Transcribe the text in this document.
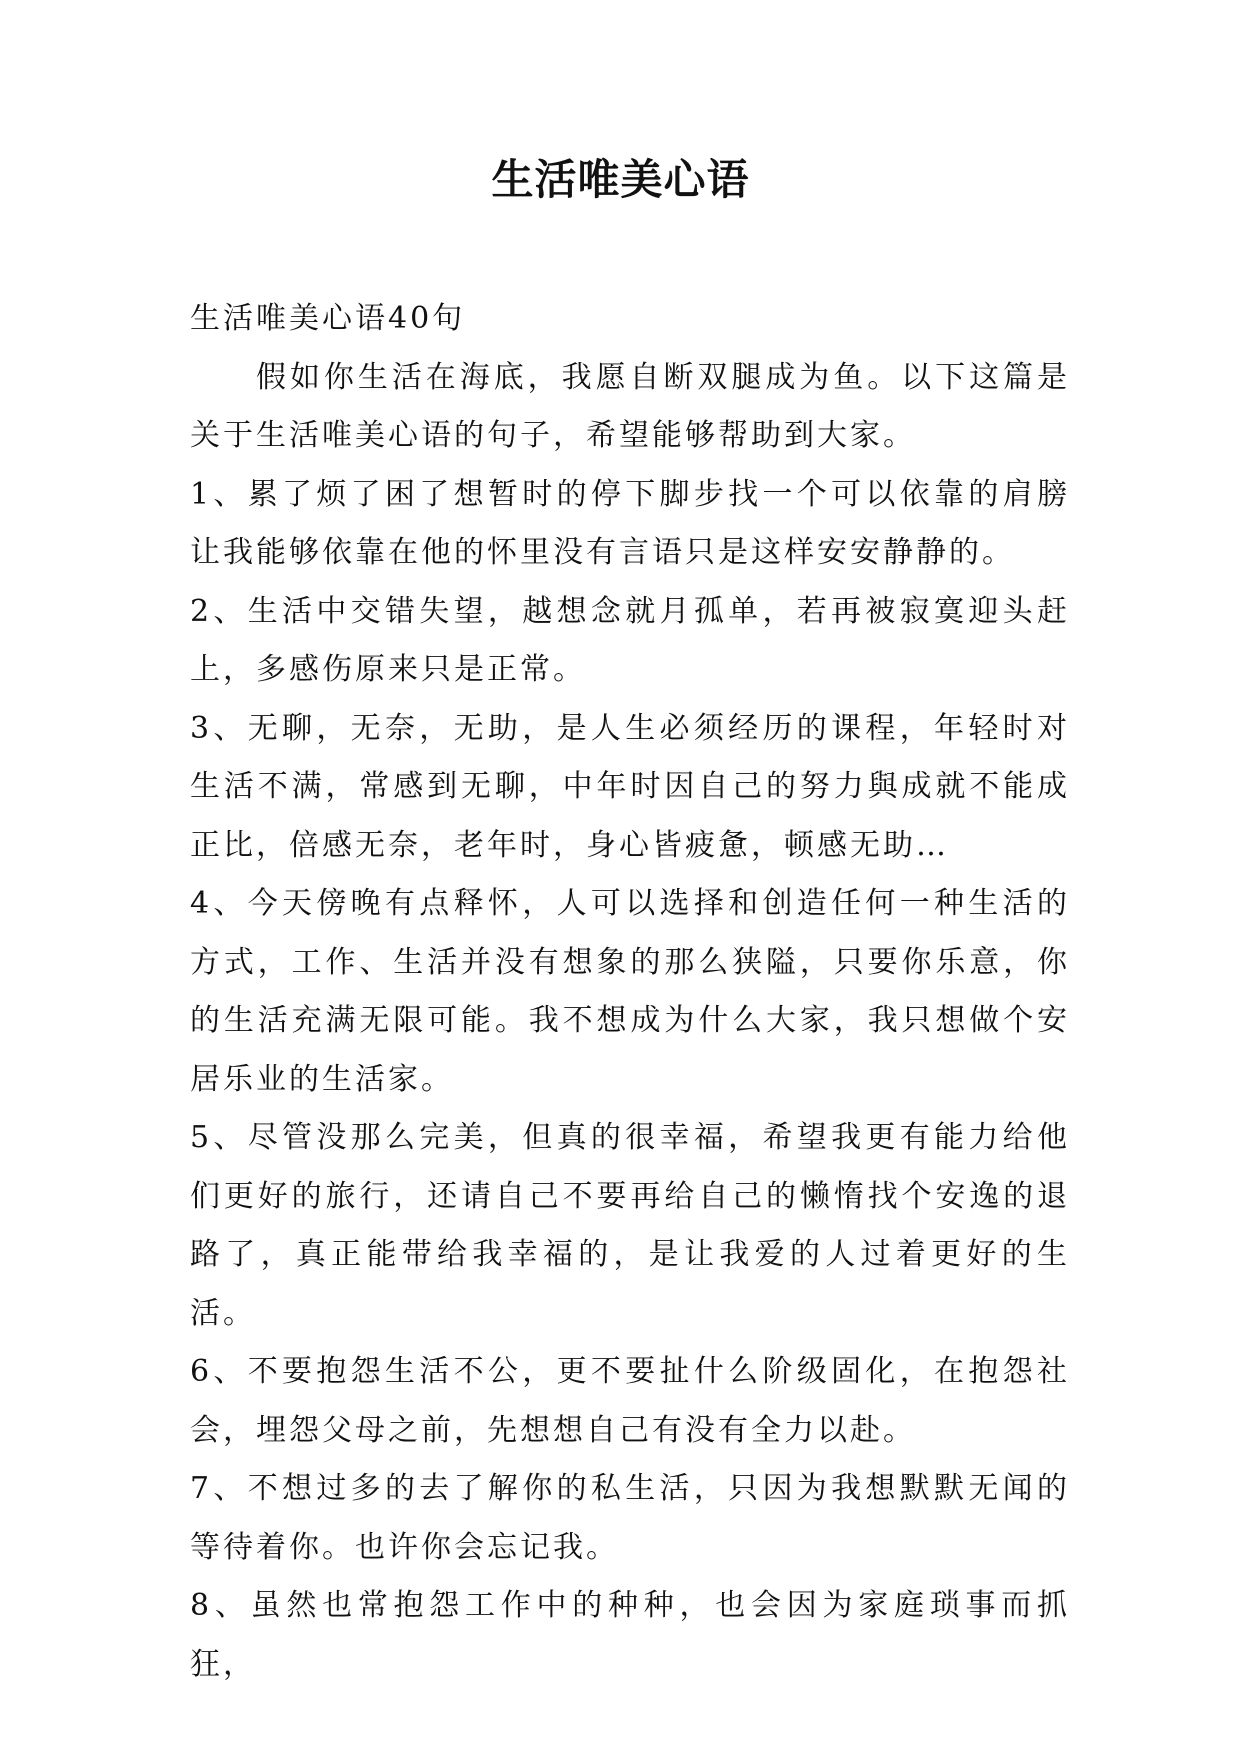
生活唯美心语

生活唯美心语40句

假如你生活在海底，我愿自断双腿成为鱼。以下这篇是关于生活唯美心语的句子，希望能够帮助到大家。

1、累了烦了困了想暂时的停下脚步找一个可以依靠的肩膀让我能够依靠在他的怀里没有言语只是这样安安静静的。

2、生活中交错失望，越想念就月孤单，若再被寂寞迎头赶上，多感伤原来只是正常。

3、无聊，无奈，无助，是人生必须经历的课程，年轻时对生活不满，常感到无聊，中年时因自己的努力與成就不能成正比，倍感无奈，老年时，身心皆疲惫，顿感无助…

4、今天傍晚有点释怀，人可以选择和创造任何一种生活的方式，工作、生活并没有想象的那么狭隘，只要你乐意，你的生活充满无限可能。我不想成为什么大家，我只想做个安居乐业的生活家。

5、尽管没那么完美，但真的很幸福，希望我更有能力给他们更好的旅行，还请自己不要再给自己的懒惰找个安逸的退路了，真正能带给我幸福的，是让我爱的人过着更好的生活。

6、不要抱怨生活不公，更不要扯什么阶级固化，在抱怨社会，埋怨父母之前，先想想自己有没有全力以赴。

7、不想过多的去了解你的私生活，只因为我想默默无闻的等待着你。也许你会忘记我。

8、虽然也常抱怨工作中的种种，也会因为家庭琐事而抓狂，
